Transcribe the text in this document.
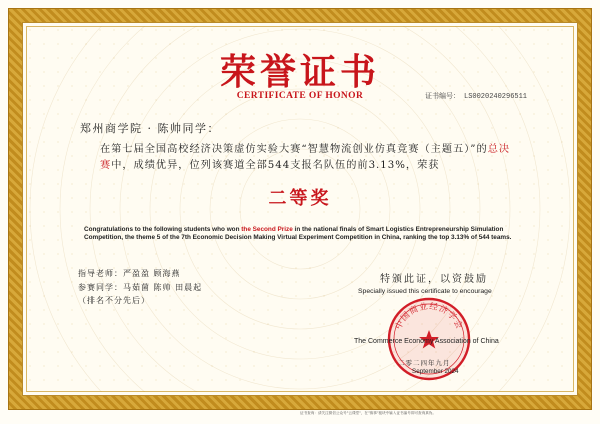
荣誉证书
CERTIFICATE OF HONOR	证书编号： LS0020240296511
郑州商学院 · 陈帅同学：
在第七届全国高校经济决策虚仿实验大赛“智慧物流创业仿真竞赛（主题五）”的总决赛中，成绩优异，位列该赛道全部544支报名队伍的前3.13%，荣获
二等奖
Congratulations to the following students who won the Second Prize in the national finals of Smart Logistics Entrepreneurship Simulation Competition, the theme 5 of the 7th Economic Decision Making Virtual Experiment Competition in China, ranking the top 3.13% of 544 teams.
指导老师：严盈盈 顾海燕
参赛同学：马茹菌 陈帅 田晨起
（排名不分先后）
特颁此证，以资鼓励
Specially issued this certificate to encourage
中国商业经济学会
The Commerce Economy Association of China
二零二四年九月
September 2024
证书查询：请关注微信公众号"云课堂"，在"赛事"板块中输入证书编号即可查询真伪。
